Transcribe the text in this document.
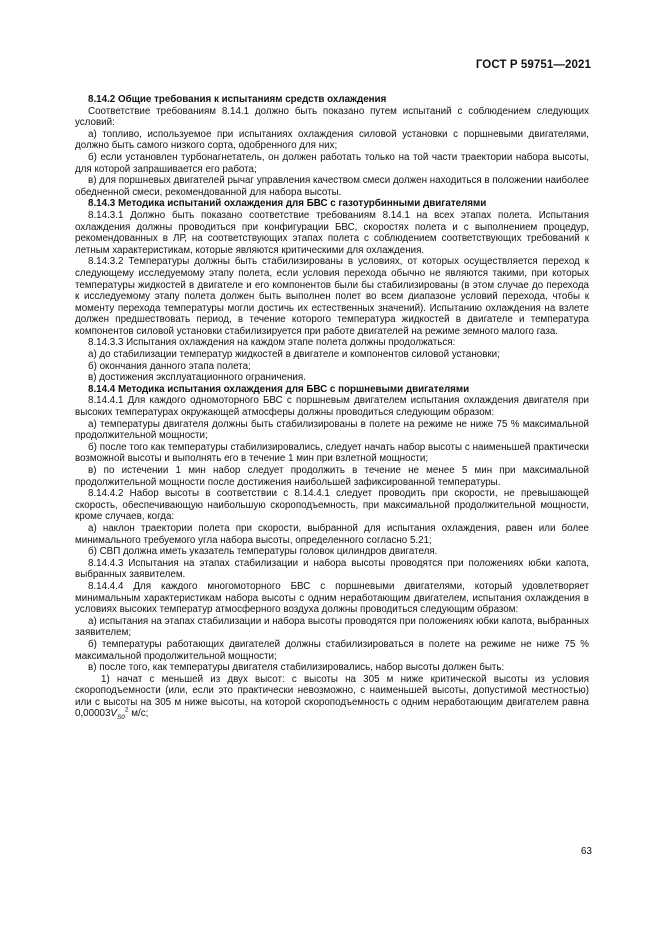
ГОСТ Р 59751—2021

8.14.2 Общие требования к испытаниям средств охлаждения

Соответствие требованиям 8.14.1 должно быть показано путем испытаний с соблюдением следующих условий:

а) топливо, используемое при испытаниях охлаждения силовой установки с поршневыми двигателями, должно быть самого низкого сорта, одобренного для них;

б) если установлен турбонагнетатель, он должен работать только на той части траектории набора высоты, для которой запрашивается его работа;

в) для поршневых двигателей рычаг управления качеством смеси должен находиться в положении наиболее обедненной смеси, рекомендованной для набора высоты.

8.14.3 Методика испытаний охлаждения для БВС с газотурбинными двигателями

8.14.3.1 Должно быть показано соответствие требованиям 8.14.1 на всех этапах полета. Испытания охлаждения должны проводиться при конфигурации БВС, скоростях полета и с выполнением процедур, рекомендованных в ЛР, на соответствующих этапах полета с соблюдением соответствующих требований к летным характеристикам, которые являются критическими для охлаждения.

8.14.3.2 Температуры должны быть стабилизированы в условиях, от которых осуществляется переход к следующему исследуемому этапу полета, если условия перехода обычно не являются такими, при которых температуры жидкостей в двигателе и его компонентов были бы стабилизированы (в этом случае до перехода к исследуемому этапу полета должен быть выполнен полет во всем диапазоне условий перехода, чтобы к моменту перехода температуры могли достичь их естественных значений). Испытанию охлаждения на взлете должен предшествовать период, в течение которого температура жидкостей в двигателе и температура компонентов силовой установки стабилизируется при работе двигателей на режиме земного малого газа.

8.14.3.3 Испытания охлаждения на каждом этапе полета должны продолжаться:

а) до стабилизации температур жидкостей в двигателе и компонентов силовой установки;

б) окончания данного этапа полета;

в) достижения эксплуатационного ограничения.

8.14.4 Методика испытания охлаждения для БВС с поршневыми двигателями

8.14.4.1 Для каждого одномоторного БВС с поршневым двигателем испытания охлаждения двигателя при высоких температурах окружающей атмосферы должны проводиться следующим образом:

а) температуры двигателя должны быть стабилизированы в полете на режиме не ниже 75 % максимальной продолжительной мощности;

б) после того как температуры стабилизировались, следует начать набор высоты с наименьшей практически возможной высоты и выполнять его в течение 1 мин при взлетной мощности;

в) по истечении 1 мин набор следует продолжить в течение не менее 5 мин при максимальной продолжительной мощности после достижения наибольшей зафиксированной температуры.

8.14.4.2 Набор высоты в соответствии с 8.14.4.1 следует проводить при скорости, не превышающей скорость, обеспечивающую наибольшую скороподъемность, при максимальной продолжительной мощности, кроме случаев, когда:

а) наклон траектории полета при скорости, выбранной для испытания охлаждения, равен или более минимального требуемого угла набора высоты, определенного согласно 5.21;

б) СВП должна иметь указатель температуры головок цилиндров двигателя.

8.14.4.3 Испытания на этапах стабилизации и набора высоты проводятся при положениях юбки капота, выбранных заявителем.

8.14.4.4 Для каждого многомоторного БВС с поршневыми двигателями, который удовлетворяет минимальным характеристикам набора высоты с одним неработающим двигателем, испытания охлаждения в условиях высоких температур атмосферного воздуха должны проводиться следующим образом:

а) испытания на этапах стабилизации и набора высоты проводятся при положениях юбки капота, выбранных заявителем;

б) температуры работающих двигателей должны стабилизироваться в полете на режиме не ниже 75 % максимальной продолжительной мощности;

в) после того, как температуры двигателя стабилизировались, набор высоты должен быть:

1) начат с меньшей из двух высот: с высоты на 305 м ниже критической высоты из условия скороподъемности (или, если это практически невозможно, с наименьшей высоты, допустимой местностью) или с высоты на 305 м ниже высоты, на которой скороподъемность с одним неработающим двигателем равна $0,00003V_{S0}^2$ м/с;

63
